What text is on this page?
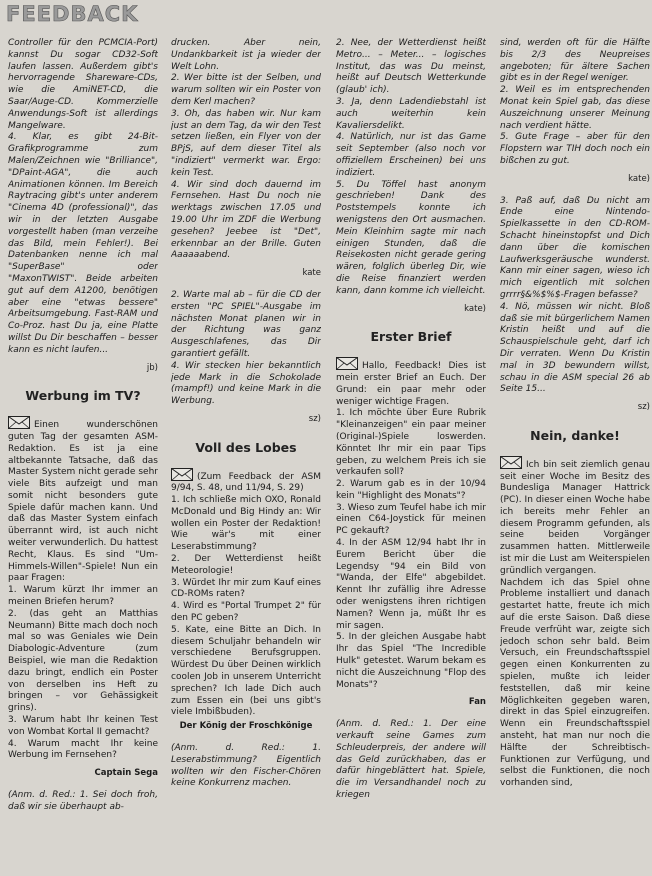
FEEDBACK

Controller für den PCMCIA-Port) kannst Du sogar CD32-Soft laufen lassen. Außerdem gibt's hervorragende Shareware-CDs, wie die AmiNET-CD, die Saar/Auge-CD. Kommerzielle Anwendungs-Soft ist allerdings Mangelware.

4. Klar, es gibt 24-Bit-Grafikprogramme zum Malen/Zeichnen wie "Brilliance", "DPaint-AGA", die auch Animationen können. Im Bereich Raytracing gibt's unter anderem "Cinema 4D (professional)", das wir in der letzten Ausgabe vorgestellt haben (man verzeihe das Bild, mein Fehler!). Bei Datenbanken nenne ich mal "SuperBase" oder "MaxonTWIST". Beide arbeiten gut auf dem A1200, benötigen aber eine "etwas bessere" Arbeitsumgebung. Fast-RAM und Co-Proz. hast Du ja, eine Platte willst Du Dir beschaffen – besser kann es nicht laufen...

jb)
Werbung im TV?

Einen wunderschönen guten Tag der gesamten ASM-Redaktion. Es ist ja eine altbekannte Tatsache, daß das Master System nicht gerade sehr viele Bits aufzeigt und man somit nicht besonders gute Spiele dafür machen kann. Und daß das Master System einfach überrannt wird, ist auch nicht weiter verwunderlich. Du hattest Recht, Klaus. Es sind "Um-Himmels-Willen"-Spiele! Nun ein paar Fragen:

1. Warum kürzt Ihr immer an meinen Briefen herum?

2. (das geht an Matthias Neumann) Bitte mach doch noch mal so was Geniales wie Dein Diabologic-Adventure (zum Beispiel, wie man die Redaktion dazu bringt, endlich ein Poster von derselben ins Heft zu bringen – vor Gehässigkeit grins).

3. Warum habt Ihr keinen Test von Wombat Kortal II gemacht?

4. Warum macht Ihr keine Werbung im Fernsehen?

Captain Sega

(Anm. d. Red.: 1. Sei doch froh, daß wir sie überhaupt ab-

drucken. Aber nein, Undankbarkeit ist ja wieder der Welt Lohn.

2. Wer bitte ist der Selben, und warum sollten wir ein Poster von dem Kerl machen?

3. Oh, das haben wir. Nur kam just an dem Tag, da wir den Test setzen ließen, ein Flyer von der BPjS, auf dem dieser Titel als "indiziert" vermerkt war. Ergo: kein Test.

4. Wir sind doch dauernd im Fernsehen. Hast Du noch nie werktags zwischen 17.05 und 19.00 Uhr im ZDF die Werbung gesehen? Jeebee ist "Det", erkennbar an der Brille. Guten Aaaaaabend.

kate

2. Warte mal ab – für die CD der ersten "PC SPIEL"-Ausgabe im nächsten Monat planen wir in der Richtung was ganz Ausgeschlafenes, das Dir garantiert gefällt.

4. Wir stecken hier bekanntlich jede Mark in die Schokolade (mampf!) und keine Mark in die Werbung.

sz)
Voll des Lobes

(Zum Feedback der ASM 9/94, S. 48, und 11/94, S. 29)

1. Ich schließe mich OXO, Ronald McDonald und Big Hindy an: Wir wollen ein Poster der Redaktion! Wie wär's mit einer Leserabstimmung?

2. Der Wetterdienst heißt Meteorologie!

3. Würdet Ihr mir zum Kauf eines CD-ROMs raten?

4. Wird es "Portal Trumpet 2" für den PC geben?

5. Kate, eine Bitte an Dich. In diesem Schuljahr behandeln wir verschiedene Berufsgruppen. Würdest Du über Deinen wirklich coolen Job in unserem Unterricht sprechen? Ich lade Dich auch zum Essen ein (bei uns gibt's viele Imbißbuden).

Der König der Froschkönige

(Anm. d. Red.: 1. Leserabstimmung? Eigentlich wollten wir den Fischer-Chören keine Konkurrenz machen.

2. Nee, der Wetterdienst heißt Metro... – Meter... – logisches Institut, das was Du meinst, heißt auf Deutsch Wetterkunde (glaub' ich).

3. Ja, denn Ladendiebstahl ist auch weiterhin kein Kavaliersdelikt.

4. Natürlich, nur ist das Game seit September (also noch vor offiziellem Erscheinen) bei uns indiziert.

5. Du Töffel hast anonym geschrieben! Dank des Poststempels konnte ich wenigstens den Ort ausmachen. Mein Kleinhirn sagte mir nach einigen Stunden, daß die Reisekosten nicht gerade gering wären, folglich überleg Dir, wie die Reise finanziert werden kann, dann komme ich vielleicht.

kate)
Erster Brief

Hallo, Feedback! Dies ist mein erster Brief an Euch. Der Grund: ein paar mehr oder weniger wichtige Fragen.

1. Ich möchte über Eure Rubrik "Kleinanzeigen" ein paar meiner (Original-)Spiele loswerden. Könntet Ihr mir ein paar Tips geben, zu welchem Preis ich sie verkaufen soll?

2. Warum gab es in der 10/94 kein "Highlight des Monats"?

3. Wieso zum Teufel habe ich mir einen C64-Joystick für meinen PC gekauft?

4. In der ASM 12/94 habt Ihr in Eurem Bericht über die Legendsy "94 ein Bild von "Wanda, der Elfe" abgebildet. Kennt Ihr zufällig ihre Adresse oder wenigstens ihren richtigen Namen? Wenn ja, müßt Ihr es mir sagen.

5. In der gleichen Ausgabe habt Ihr das Spiel "The Incredible Hulk" getestet. Warum bekam es nicht die Auszeichnung "Flop des Monats"?

Fan

(Anm. d. Red.: 1. Der eine verkauft seine Games zum Schleuderpreis, der andere will das Geld zurückhaben, das er dafür hingeblättert hat. Spiele, die im Versandhandel noch zu kriegen

sind, werden oft für die Hälfte bis 2/3 des Neupreises angeboten; für ältere Sachen gibt es in der Regel weniger.

2. Weil es im entsprechenden Monat kein Spiel gab, das diese Auszeichnung unserer Meinung nach verdient hätte.

5. Gute Frage – aber für den Flopstern war TIH doch noch ein bißchen zu gut.

kate)

3. Paß auf, daß Du nicht am Ende eine Nintendo-Spielkassette in den CD-ROM-Schacht hineinstopfst und Dich dann über die komischen Laufwerksgeräusche wunderst. Kann mir einer sagen, wieso ich mich eigentlich mit solchen grrrr§&%$%$-Fragen befasse?

4. Nö, müssen wir nicht. Bloß daß sie mit bürgerlichem Namen Kristin heißt und auf die Schauspielschule geht, darf ich Dir verraten. Wenn Du Kristin mal in 3D bewundern willst, schau in die ASM special 26 ab Seite 15...

sz)
Nein, danke!

Ich bin seit ziemlich genau seit einer Woche im Besitz des Bundesliga Manager Hattrick (PC). In dieser einen Woche habe ich bereits mehr Fehler an diesem Programm gefunden, als seine beiden Vorgänger zusammen hatten. Mittlerweile ist mir die Lust am Weiterspielen gründlich vergangen.

Nachdem ich das Spiel ohne Probleme installiert und danach gestartet hatte, freute ich mich auf die erste Saison. Daß diese Freude verfrüht war, zeigte sich jedoch schon sehr bald. Beim Versuch, ein Freundschaftsspiel gegen einen Konkurrenten zu spielen, mußte ich leider feststellen, daß mir keine Möglichkeiten gegeben waren, direkt in das Spiel einzugreifen. Wenn ein Freundschaftsspiel ansteht, hat man nur noch die Hälfte der Schreibtisch-Funktionen zur Verfügung, und selbst die Funktionen, die noch vorhanden sind,
